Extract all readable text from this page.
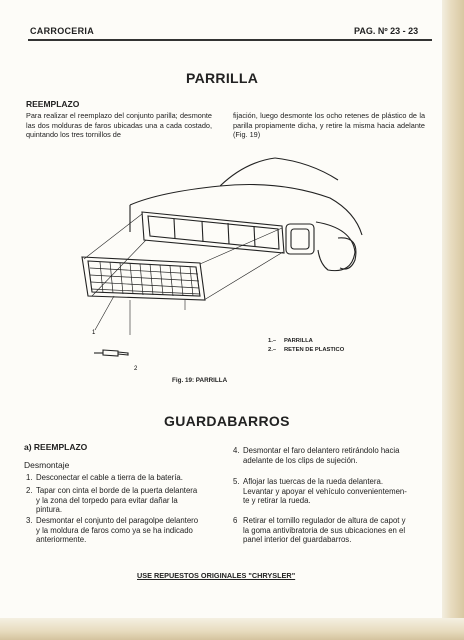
CARROCERIA	PAG. Nº 23 - 23
PARRILLA
REEMPLAZO
Para realizar el reemplazo del conjunto parilla; desmonte las dos molduras de faros ubicadas una a cada costado, quintando los tres tornillos de
fijación, luego desmonte los ocho retenes de plástico de la parilla propiamente dicha, y retire la misma hacia adelante (Fig. 19)
1
2
1.– PARRILLA
2.– RETEN DE PLASTICO
Fig. 19: PARRILLA
GUARDABARROS
a) REEMPLAZO
Desmontaje
1. Desconectar el cable a tierra de la batería.
2. Tapar con cinta el borde de la puerta delantera
y la zona del torpedo para evitar dañar la
pintura.
3. Desmontar el conjunto del paragolpe delantero
y la moldura de faros como ya se ha indicado
anteriormente.
4. Desmontar el faro delantero retirándolo hacia
adelante de los clips de sujeción.
5. Aflojar las tuercas de la rueda delantera.
Levantar y apoyar el vehículo convenientemen-
te y retirar la rueda.
6 Retirar el tornillo regulador de altura de capot y
la goma antivibratoria de sus ubicaciones en el
panel interior del guardabarros.
USE REPUESTOS ORIGINALES "CHRYSLER"
